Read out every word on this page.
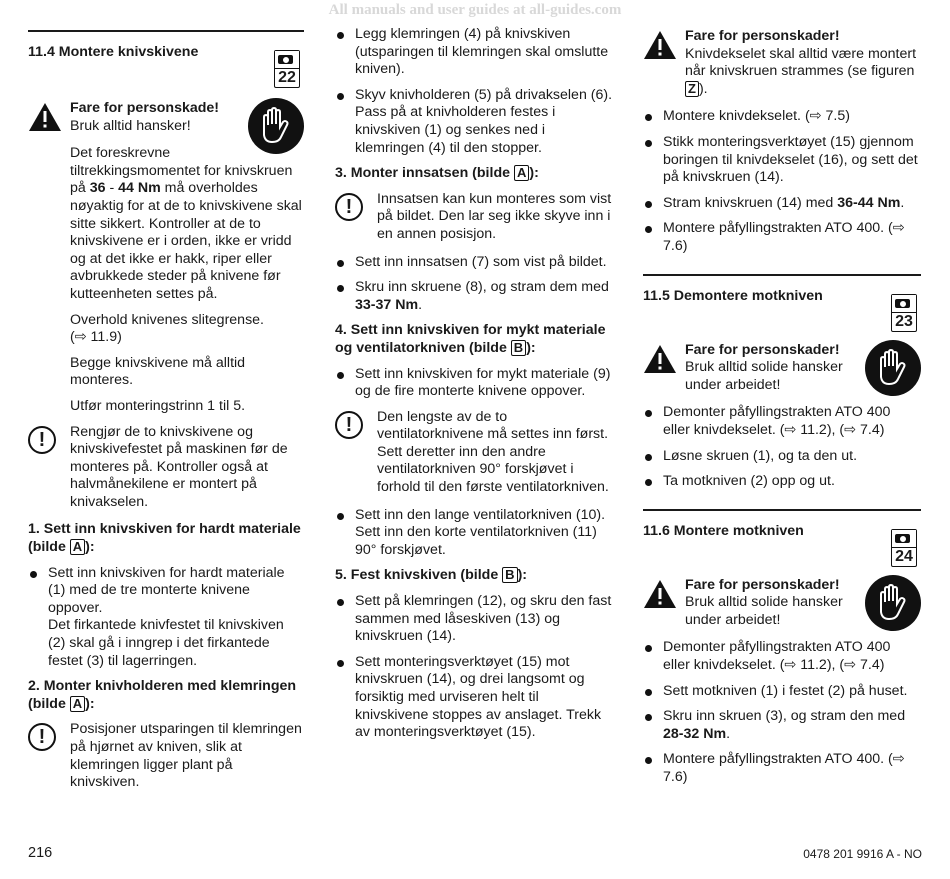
All manuals and user guides at all-guides.com
11.4 Montere knivskivene
22
Fare for personskade!
Bruk alltid hansker!

Det foreskrevne tiltrekkingsmomentet for knivskruen på 36 - 44 Nm må overholdes nøyaktig for at de to knivskivene skal sitte sikkert. Kontroller at de to knivskivene er i orden, ikke er vridd og at det ikke er hakk, riper eller avbrukkede steder på knivene før kutteenheten settes på.

Overhold knivenes slitegrense.
(⇨ 11.9)

Begge knivskivene må alltid monteres.

Utfør monteringstrinn 1 til 5.

!	Rengjør de to knivskivene og knivskivefestet på maskinen før de monteres på. Kontroller også at halvmånekilene er montert på knivakselen.
1. Sett inn knivskiven for hardt materiale (bilde A ):
Sett inn knivskiven for hardt materiale (1) med de tre monterte knivene oppover.
Det firkantede knivfestet til knivskiven (2) skal gå i inngrep i det firkantede festet (3) til lagerringen.
2. Monter knivholderen med klemringen (bilde A ):
!	Posisjoner utsparingen til klemringen på hjørnet av kniven, slik at klemringen ligger plant på knivskiven.
Legg klemringen (4) på knivskiven (utsparingen til klemringen skal omslutte kniven).
Skyv knivholderen (5) på drivakselen (6). Pass på at knivholderen festes i knivskiven (1) og senkes ned i klemringen (4) til den stopper.
3. Monter innsatsen (bilde A ):
!	Innsatsen kan kun monteres som vist på bildet. Den lar seg ikke skyve inn i en annen posisjon.
Sett inn innsatsen (7) som vist på bildet.
Skru inn skruene (8), og stram dem med 33-37 Nm.
4. Sett inn knivskiven for mykt materiale og ventilatorkniven (bilde B ):
Sett inn knivskiven for mykt materiale (9) og de fire monterte knivene oppover.
!	Den lengste av de to ventilatorknivene må settes inn først. Sett deretter inn den andre ventilatorkniven 90° forskjøvet i forhold til den første ventilatorkniven.
Sett inn den lange ventilatorkniven (10). Sett inn den korte ventilatorkniven (11) 90° forskjøvet.
5. Fest knivskiven (bilde B ):
Sett på klemringen (12), og skru den fast sammen med låseskiven (13) og knivskruen (14).
Sett monteringsverktøyet (15) mot knivskruen (14), og drei langsomt og forsiktig med urviseren helt til knivskivene stoppes av anslaget. Trekk av monteringsverktøyet (15).
Fare for personskader!
Knivdekselet skal alltid være montert når knivskruen strammes (se figuren Z ).
Montere knivdekselet. (⇨ 7.5)
Stikk monteringsverktøyet (15) gjennom boringen til knivdekselet (16), og sett det på knivskruen (14).
Stram knivskruen (14) med 36-44 Nm.
Montere påfyllingstrakten ATO 400. (⇨ 7.6)
11.5 Demontere motkniven
23
Fare for personskader!
Bruk alltid solide hansker under arbeidet!
Demonter påfyllingstrakten ATO 400 eller knivdekselet. (⇨ 11.2), (⇨ 7.4)
Løsne skruen (1), og ta den ut.
Ta motkniven (2) opp og ut.
11.6 Montere motkniven
24
Fare for personskader!
Bruk alltid solide hansker under arbeidet!
Demonter påfyllingstrakten ATO 400 eller knivdekselet. (⇨ 11.2), (⇨ 7.4)
Sett motkniven (1) i festet (2) på huset.
Skru inn skruen (3), og stram den med 28-32 Nm.
Montere påfyllingstrakten ATO 400. (⇨ 7.6)
216	0478 201 9916 A - NO
